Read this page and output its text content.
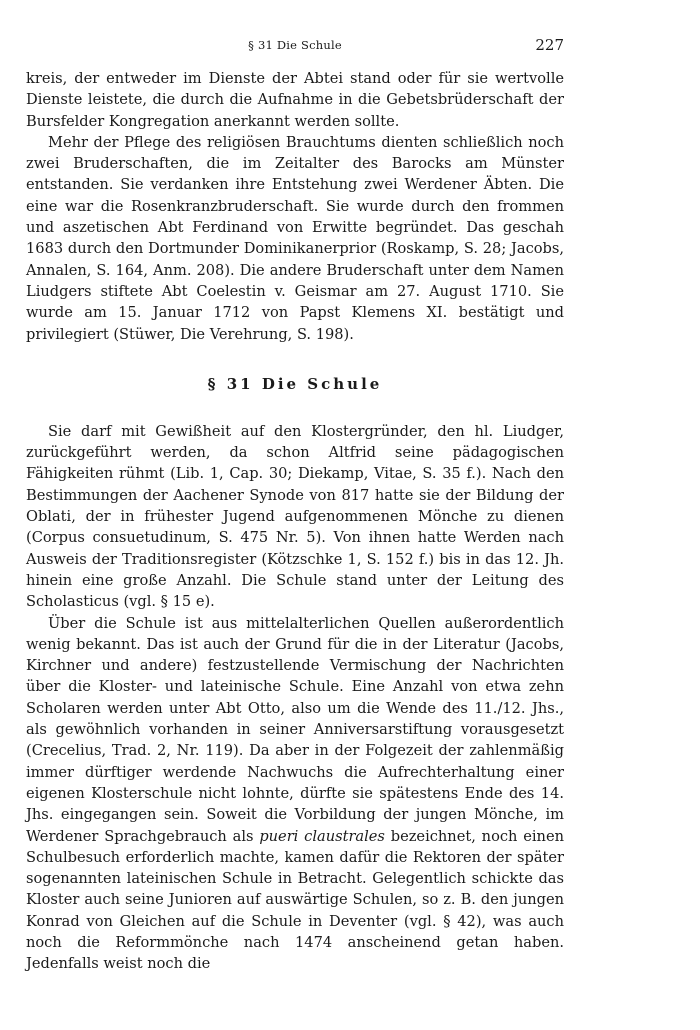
§ 31 Die Schule	227

kreis, der entweder im Dienste der Abtei stand oder für sie wertvolle Dienste leistete, die durch die Aufnahme in die Gebetsbrüderschaft der Bursfelder Kongregation anerkannt werden sollte.

Mehr der Pflege des religiösen Brauchtums dienten schließlich noch zwei Bruderschaften, die im Zeitalter des Barocks am Münster entstanden. Sie verdanken ihre Entstehung zwei Werdener Äbten. Die eine war die Rosenkranzbruderschaft. Sie wurde durch den frommen und aszetischen Abt Ferdinand von Erwitte begründet. Das geschah 1683 durch den Dortmunder Dominikanerprior (Roskamp, S. 28; Jacobs, Annalen, S. 164, Anm. 208). Die andere Bruderschaft unter dem Namen Liudgers stiftete Abt Coelestin v. Geismar am 27. August 1710. Sie wurde am 15. Januar 1712 von Papst Klemens XI. bestätigt und privilegiert (Stüwer, Die Verehrung, S. 198).

§ 31 Die Schule

Sie darf mit Gewißheit auf den Klostergründer, den hl. Liudger, zurückgeführt werden, da schon Altfrid seine pädagogischen Fähigkeiten rühmt (Lib. 1, Cap. 30; Diekamp, Vitae, S. 35 f.). Nach den Bestimmungen der Aachener Synode von 817 hatte sie der Bildung der Oblati, der in frühester Jugend aufgenommenen Mönche zu dienen (Corpus consuetudinum, S. 475 Nr. 5). Von ihnen hatte Werden nach Ausweis der Traditionsregister (Kötzschke 1, S. 152 f.) bis in das 12. Jh. hinein eine große Anzahl. Die Schule stand unter der Leitung des Scholasticus (vgl. § 15 e).

Über die Schule ist aus mittelalterlichen Quellen außerordentlich wenig bekannt. Das ist auch der Grund für die in der Literatur (Jacobs, Kirchner und andere) festzustellende Vermischung der Nachrichten über die Kloster- und lateinische Schule. Eine Anzahl von etwa zehn Scholaren werden unter Abt Otto, also um die Wende des 11./12. Jhs., als gewöhnlich vorhanden in seiner Anniversarstiftung vorausgesetzt (Crecelius, Trad. 2, Nr. 119). Da aber in der Folgezeit der zahlenmäßig immer dürftiger werdende Nachwuchs die Aufrechterhaltung einer eigenen Klosterschule nicht lohnte, dürfte sie spätestens Ende des 14. Jhs. eingegangen sein. Soweit die Vorbildung der jungen Mönche, im Werdener Sprachgebrauch als pueri claustrales bezeichnet, noch einen Schulbesuch erforderlich machte, kamen dafür die Rektoren der später sogenannten lateinischen Schule in Betracht. Gelegentlich schickte das Kloster auch seine Junioren auf auswärtige Schulen, so z. B. den jungen Konrad von Gleichen auf die Schule in Deventer (vgl. § 42), was auch noch die Reformmönche nach 1474 anscheinend getan haben. Jedenfalls weist noch die
